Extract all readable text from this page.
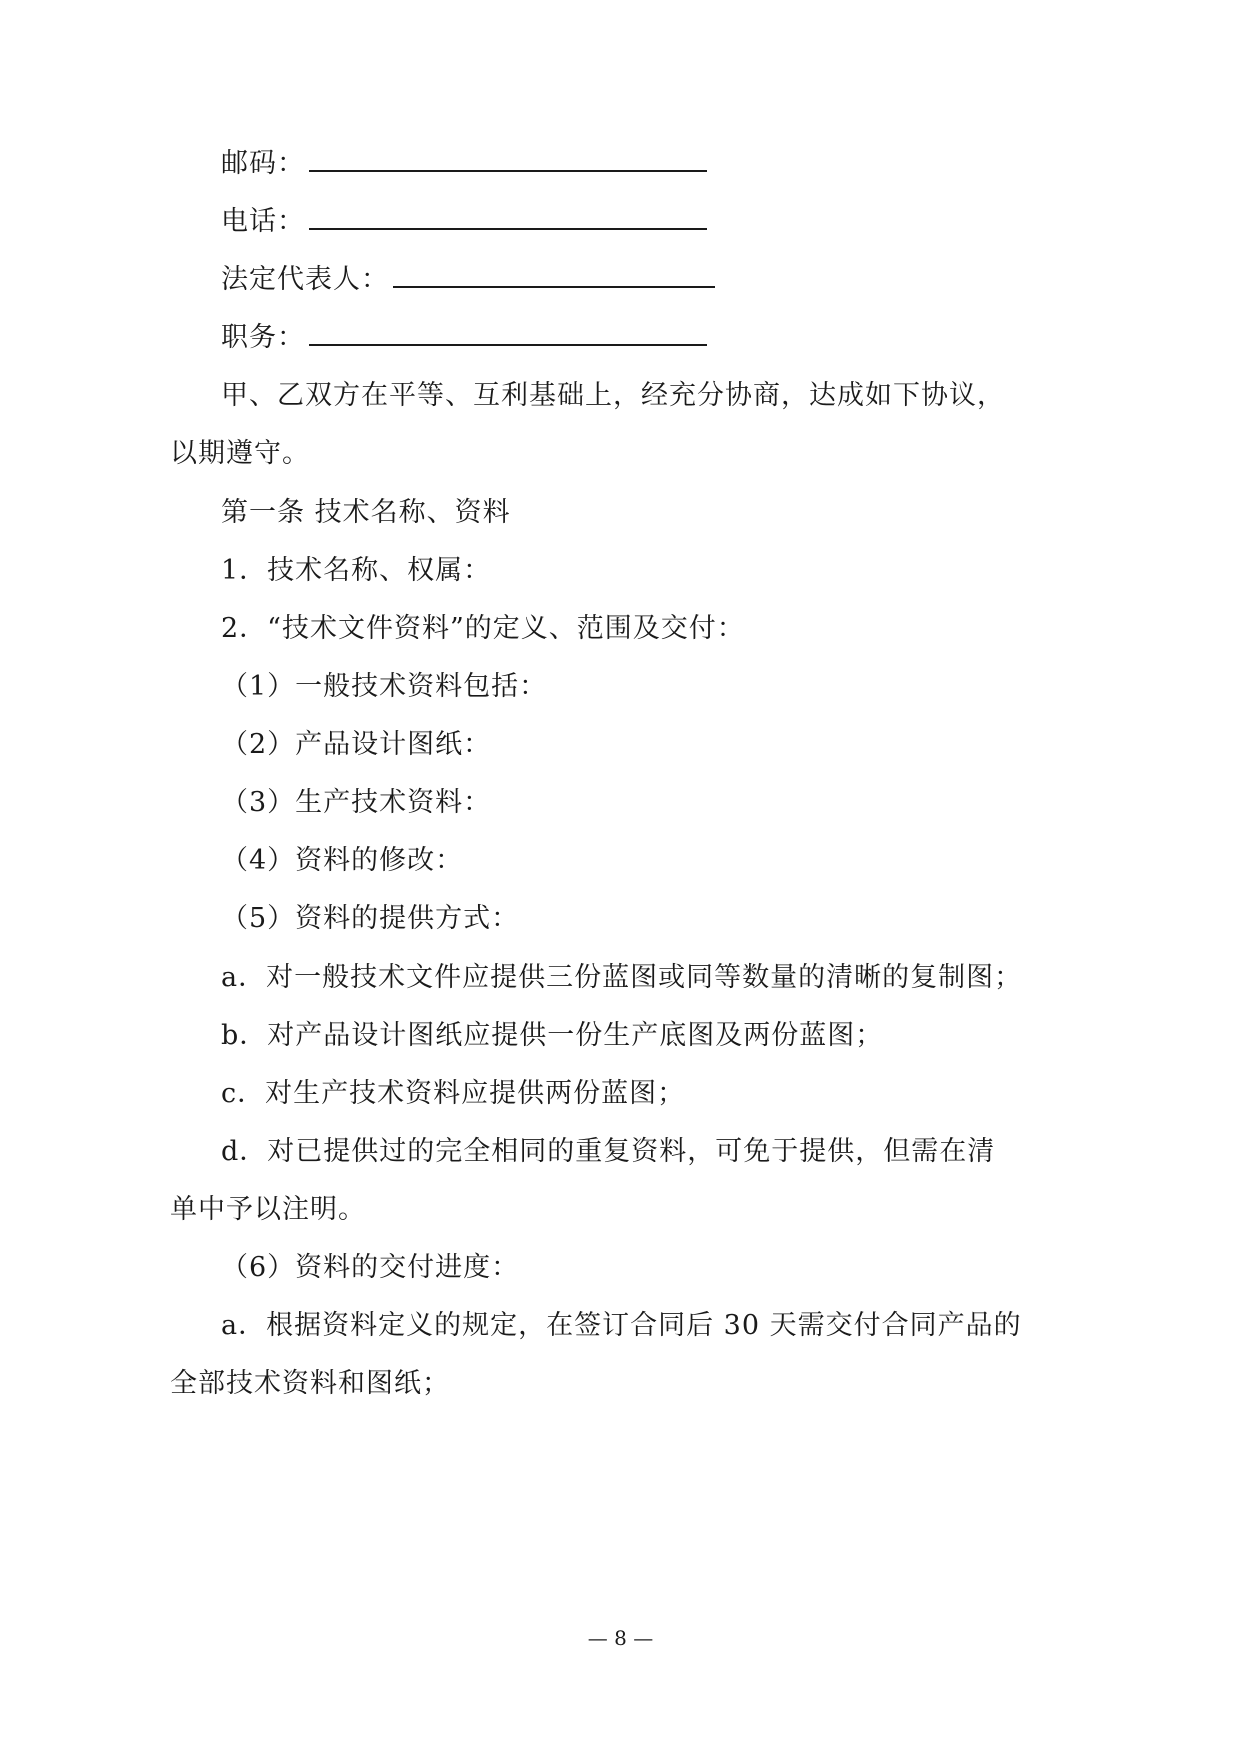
邮码：
电话：
法定代表人：
职务：
甲、乙双方在平等、互利基础上，经充分协商，达成如下协议，
以期遵守。
第一条 技术名称、资料
1．技术名称、权属：
2．“技术文件资料”的定义、范围及交付：
（1）一般技术资料包括：
（2）产品设计图纸：
（3）生产技术资料：
（4）资料的修改：
（5）资料的提供方式：
a．对一般技术文件应提供三份蓝图或同等数量的清晰的复制图；
b．对产品设计图纸应提供一份生产底图及两份蓝图；
c．对生产技术资料应提供两份蓝图；
d．对已提供过的完全相同的重复资料，可免于提供，但需在清
单中予以注明。
（6）资料的交付进度：
a．根据资料定义的规定，在签订合同后 30 天需交付合同产品的
全部技术资料和图纸；
— 8 —
